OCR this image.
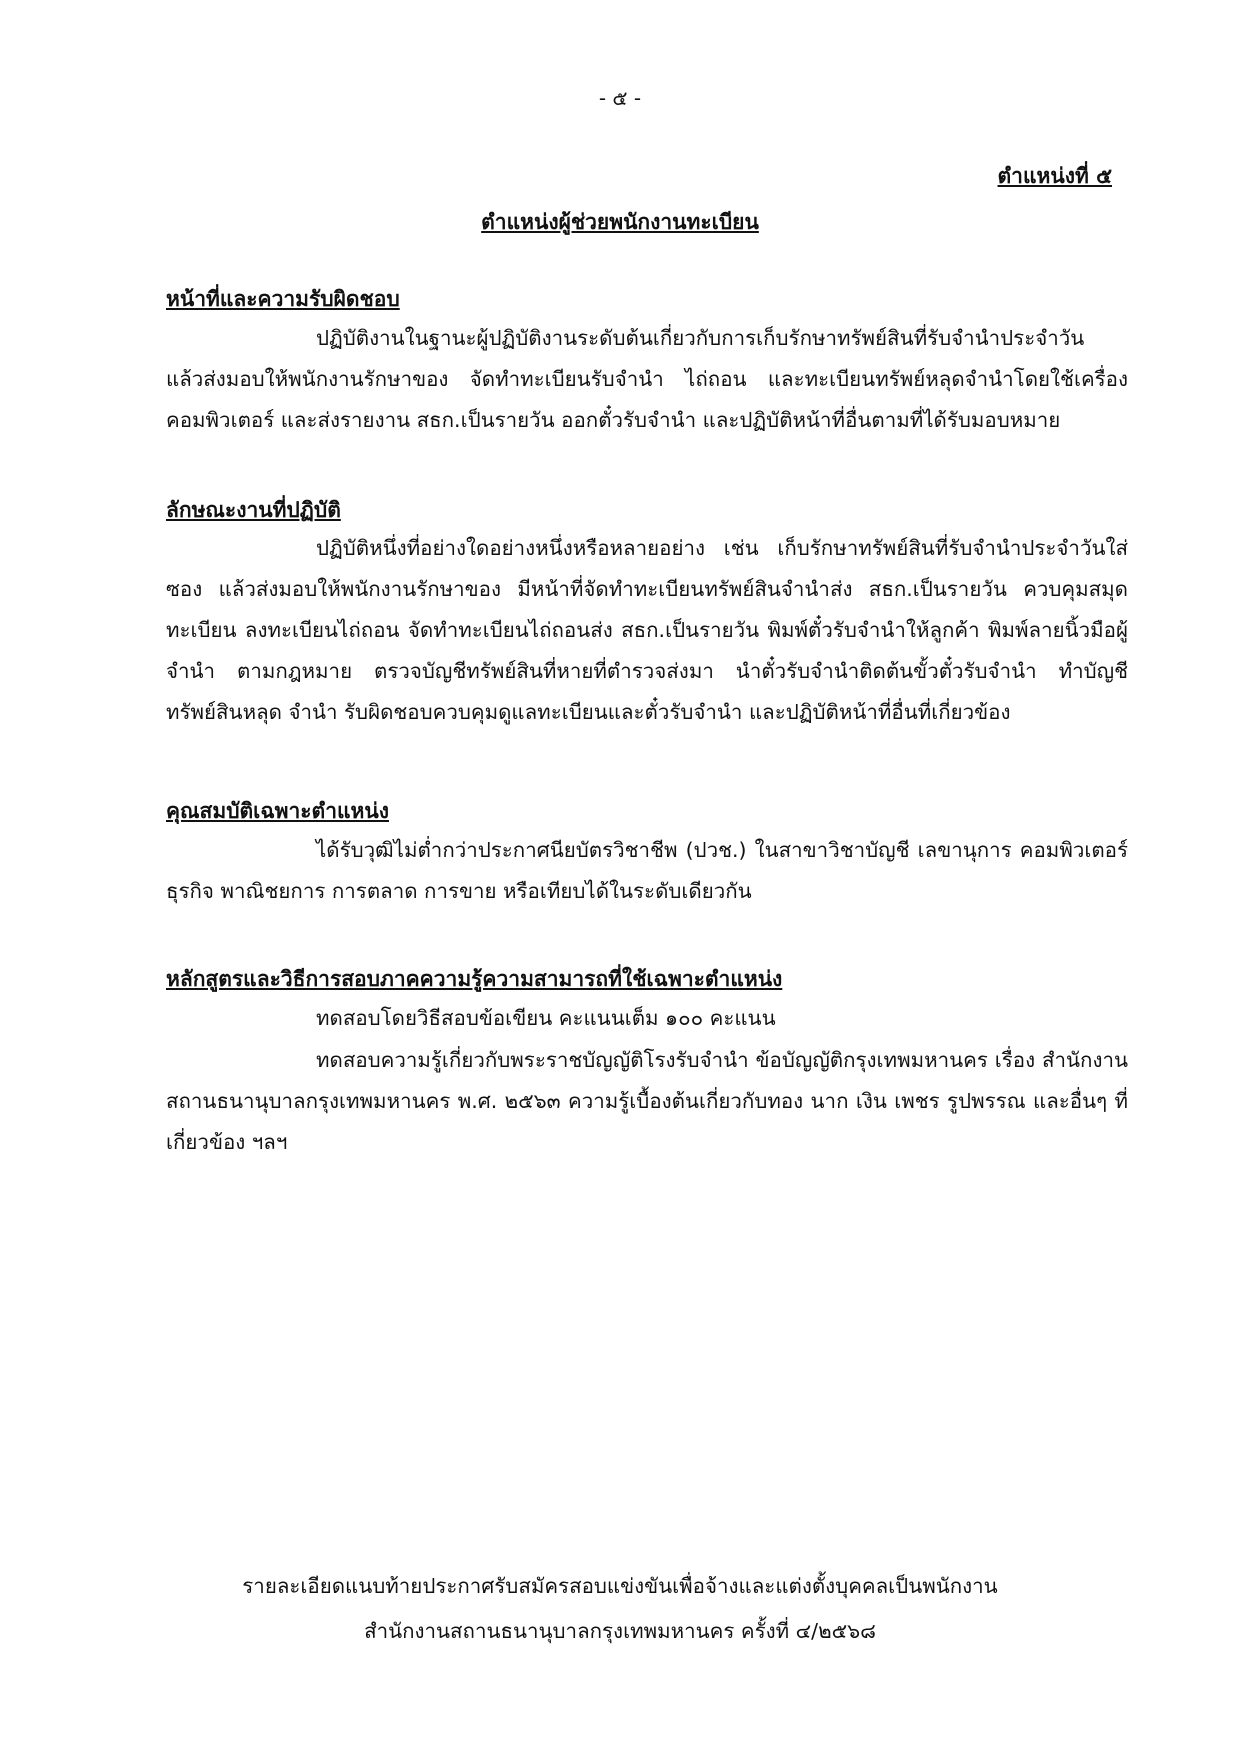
- ๕ -
ตำแหน่งที่ ๕
ตำแหน่งผู้ช่วยพนักงานทะเบียน
หน้าที่และความรับผิดชอบ

ปฏิบัติงานในฐานะผู้ปฏิบัติงานระดับต้นเกี่ยวกับการเก็บรักษาทรัพย์สินที่รับจำนำประจำวัน แล้วส่งมอบให้พนักงานรักษาของ จัดทำทะเบียนรับจำนำ ไถ่ถอน และทะเบียนทรัพย์หลุดจำนำโดยใช้เครื่อง คอมพิวเตอร์ และส่งรายงาน สธก.เป็นรายวัน ออกตั๋วรับจำนำ และปฏิบัติหน้าที่อื่นตามที่ได้รับมอบหมาย

ลักษณะงานที่ปฏิบัติ

ปฏิบัติหนึ่งที่อย่างใดอย่างหนึ่งหรือหลายอย่าง เช่น เก็บรักษาทรัพย์สินที่รับจำนำประจำวันใส่ซอง แล้วส่งมอบให้พนักงานรักษาของ มีหน้าที่จัดทำทะเบียนทรัพย์สินจำนำส่ง สธก.เป็นรายวัน ควบคุมสมุดทะเบียน ลงทะเบียนไถ่ถอน จัดทำทะเบียนไถ่ถอนส่ง สธก.เป็นรายวัน พิมพ์ตั๋วรับจำนำให้ลูกค้า พิมพ์ลายนิ้วมือผู้จำนำ ตามกฎหมาย ตรวจบัญชีทรัพย์สินที่หายที่ตำรวจส่งมา นำตั๋วรับจำนำติดต้นขั้วตั๋วรับจำนำ ทำบัญชีทรัพย์สินหลุด จำนำ รับผิดชอบควบคุมดูแลทะเบียนและตั๋วรับจำนำ และปฏิบัติหน้าที่อื่นที่เกี่ยวข้อง

คุณสมบัติเฉพาะตำแหน่ง

ได้รับวุฒิไม่ต่ำกว่าประกาศนียบัตรวิชาชีพ (ปวช.) ในสาขาวิชาบัญชี เลขานุการ คอมพิวเตอร์ ธุรกิจ พาณิชยการ การตลาด การขาย หรือเทียบได้ในระดับเดียวกัน

หลักสูตรและวิธีการสอบภาคความรู้ความสามารถที่ใช้เฉพาะตำแหน่ง

ทดสอบโดยวิธีสอบข้อเขียน คะแนนเต็ม ๑๐๐ คะแนน

ทดสอบความรู้เกี่ยวกับพระราชบัญญัติโรงรับจำนำ ข้อบัญญัติกรุงเทพมหานคร เรื่อง สำนักงาน สถานธนานุบาลกรุงเทพมหานคร พ.ศ. ๒๕๖๓ ความรู้เบื้องต้นเกี่ยวกับทอง นาก เงิน เพชร รูปพรรณ และอื่นๆ ที่เกี่ยวข้อง ฯลฯ

รายละเอียดแนบท้ายประกาศรับสมัครสอบแข่งขันเพื่อจ้างและแต่งตั้งบุคคลเป็นพนักงาน
สำนักงานสถานธนานุบาลกรุงเทพมหานคร ครั้งที่ ๔/๒๕๖๘
